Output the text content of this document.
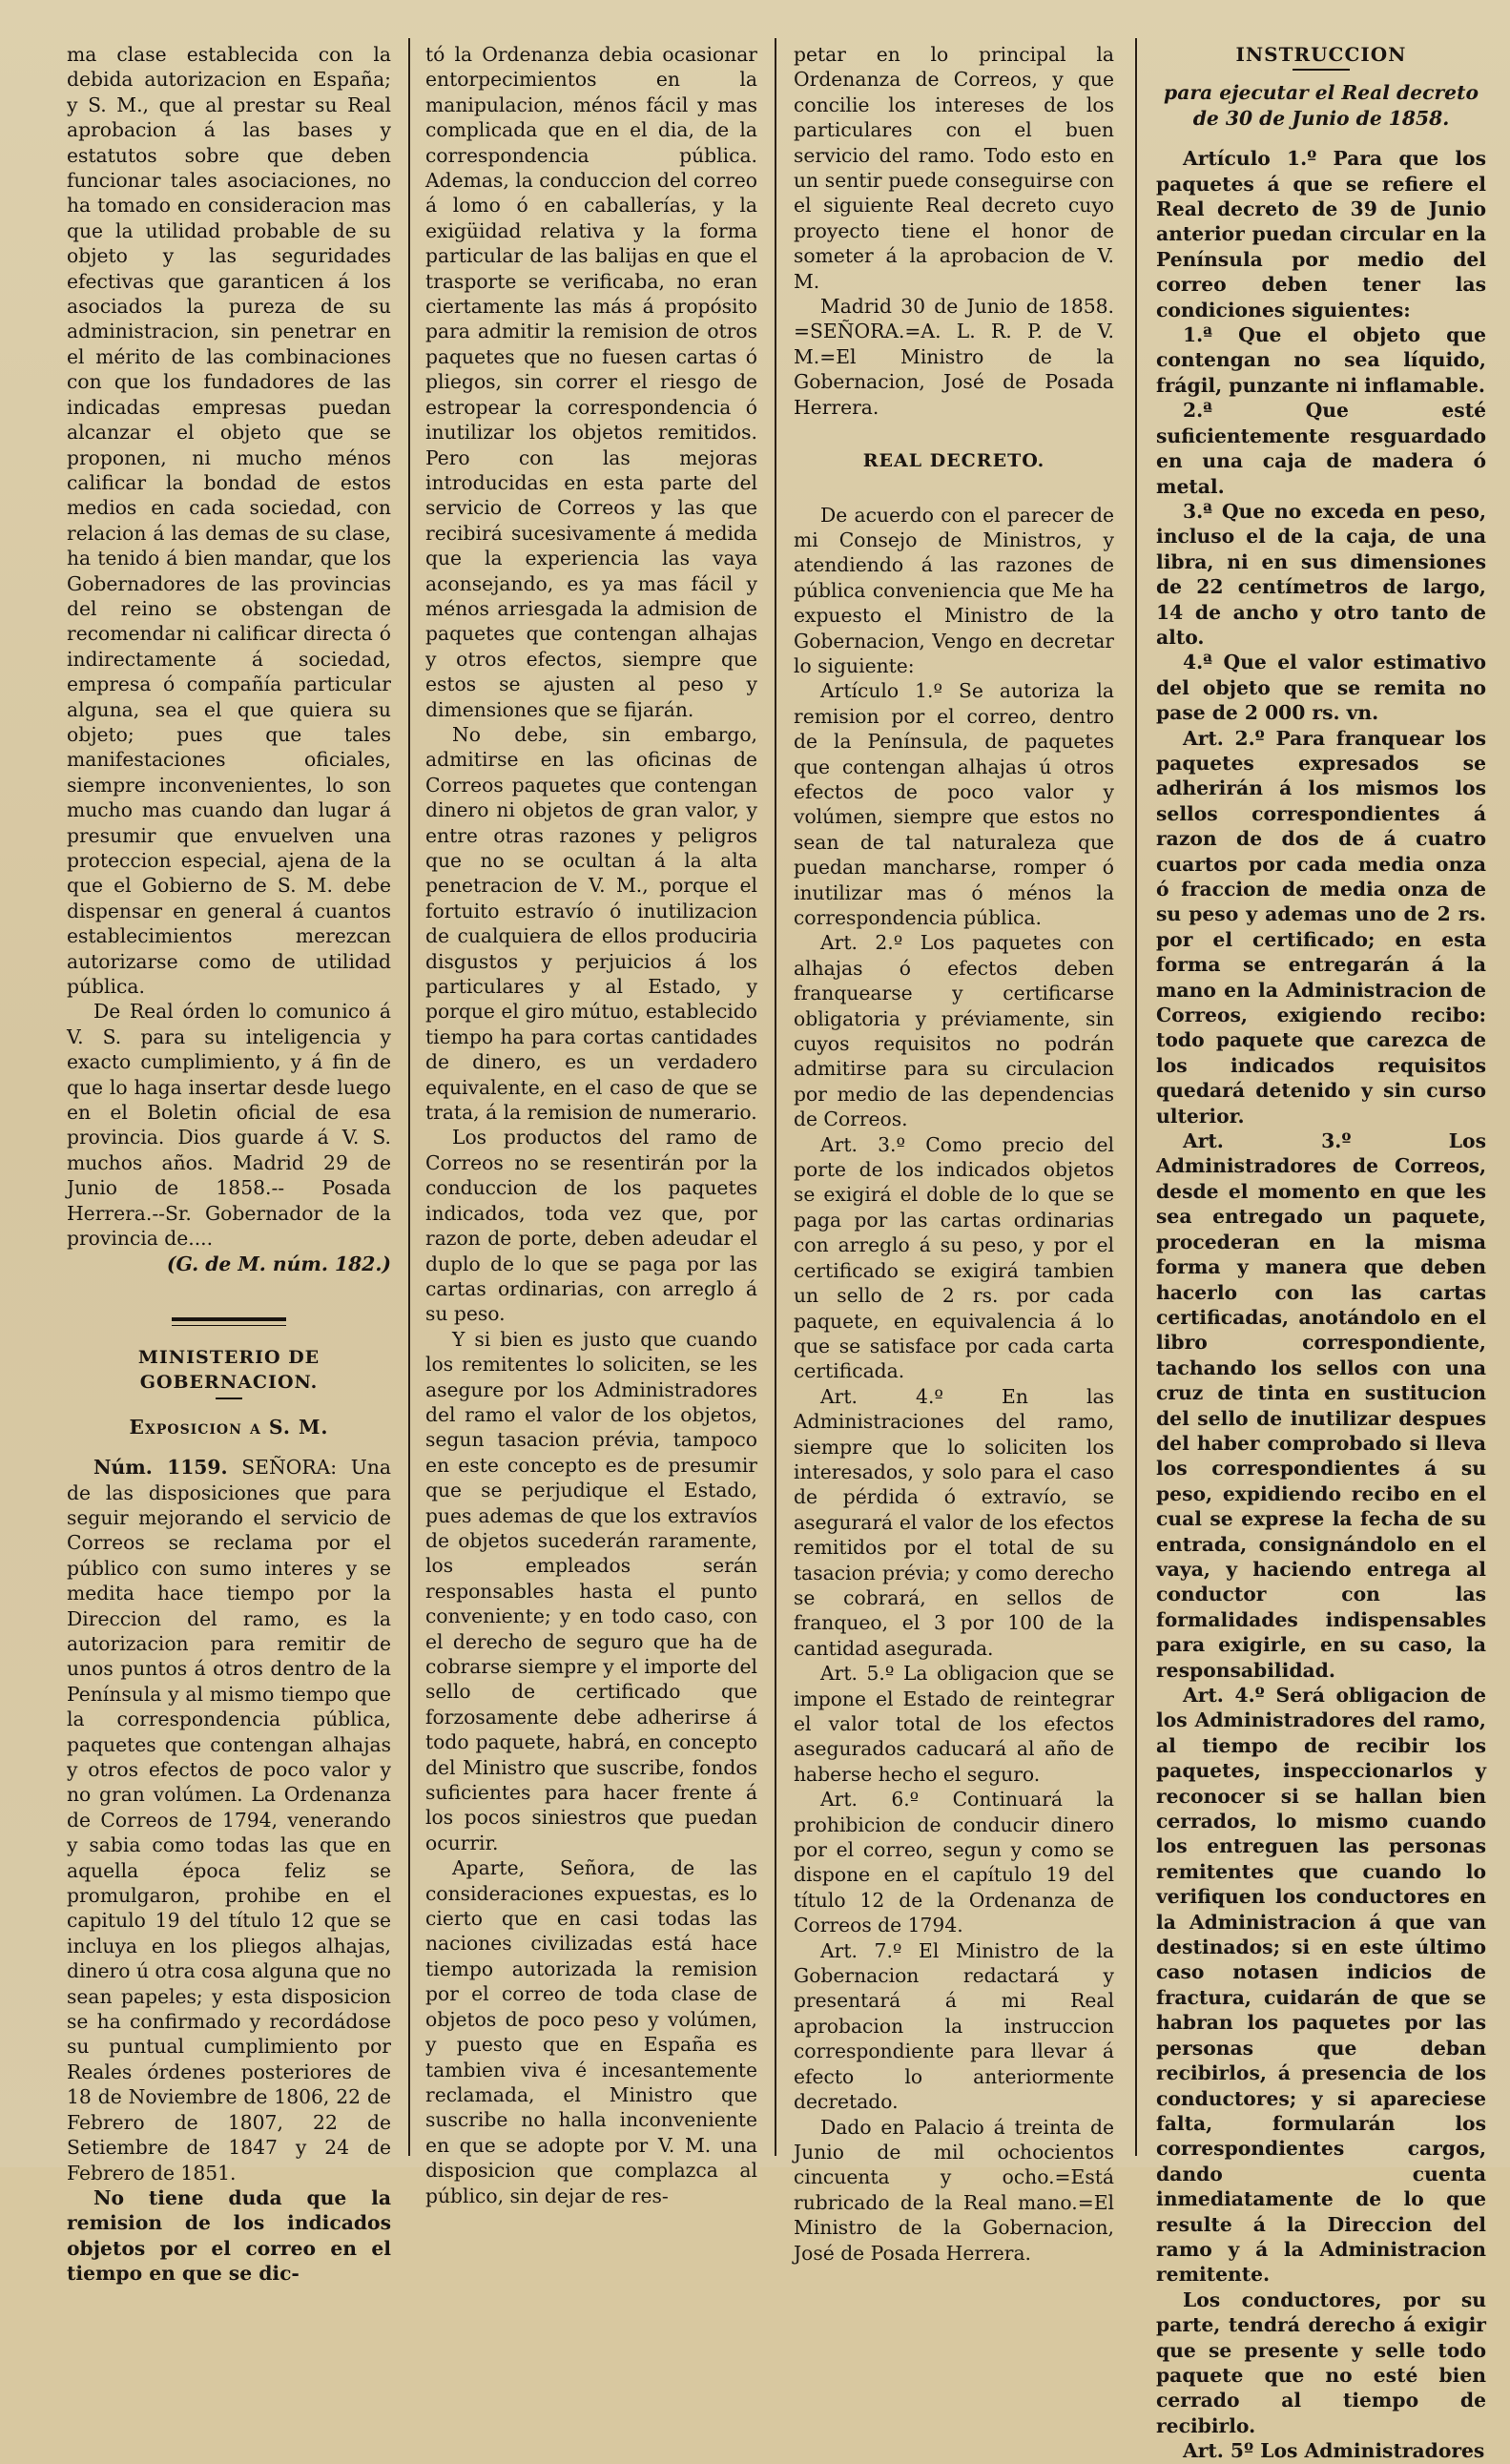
ma clase establecida con la debida autorizacion en España; y S. M., que al prestar su Real aprobacion á las bases y estatutos sobre que deben funcionar tales asociaciones, no ha tomado en consideracion mas que la utilidad probable de su objeto y las seguridades efectivas que garanticen á los asociados la pureza de su administracion, sin penetrar en el mérito de las combinaciones con que los fundadores de las indicadas empresas puedan alcanzar el objeto que se proponen, ni mucho ménos calificar la bondad de estos medios en cada sociedad, con relacion á las demas de su clase, ha tenido á bien mandar, que los Gobernadores de las provincias del reino se obstengan de recomendar ni calificar directa ó indirectamente á sociedad, empresa ó compañía particular alguna, sea el que quiera su objeto; pues que tales manifestaciones oficiales, siempre inconvenientes, lo son mucho mas cuando dan lugar á presumir que envuelven una proteccion especial, ajena de la que el Gobierno de S. M. debe dispensar en general á cuantos establecimientos merezcan autorizarse como de utilidad pública.

De Real órden lo comunico á V. S. para su inteligencia y exacto cumplimiento, y á fin de que lo haga insertar desde luego en el Boletin oficial de esa provincia. Dios guarde á V. S. muchos años. Madrid 29 de Junio de 1858.-- Posada Herrera.--Sr. Gobernador de la provincia de....

(G. de M. núm. 182.)

MINISTERIO DE GOBERNACION.

Exposicion a S. M.

Núm. 1159. SEÑORA: Una de las disposiciones que para seguir mejorando el servicio de Correos se reclama por el público con sumo interes y se medita hace tiempo por la Direccion del ramo, es la autorizacion para remitir de unos puntos á otros dentro de la Península y al mismo tiempo que la correspondencia pública, paquetes que contengan alhajas y otros efectos de poco valor y no gran volúmen. La Ordenanza de Correos de 1794, venerando y sabia como todas las que en aquella época feliz se promulgaron, prohibe en el capitulo 19 del título 12 que se incluya en los pliegos alhajas, dinero ú otra cosa alguna que no sean papeles; y esta disposicion se ha confirmado y recordádose su puntual cumplimiento por Reales órdenes posteriores de 18 de Noviembre de 1806, 22 de Febrero de 1807, 22 de Setiembre de 1847 y 24 de Febrero de 1851.

No tiene duda que la remision de los indicados objetos por el correo en el tiempo en que se dic-

tó la Ordenanza debia ocasionar entorpecimientos en la manipulacion, ménos fácil y mas complicada que en el dia, de la correspondencia pública. Ademas, la conduccion del correo á lomo ó en caballerías, y la exigüidad relativa y la forma particular de las balijas en que el trasporte se verificaba, no eran ciertamente las más á propósito para admitir la remision de otros paquetes que no fuesen cartas ó pliegos, sin correr el riesgo de estropear la correspondencia ó inutilizar los objetos remitidos. Pero con las mejoras introducidas en esta parte del servicio de Correos y las que recibirá sucesivamente á medida que la experiencia las vaya aconsejando, es ya mas fácil y ménos arriesgada la admision de paquetes que contengan alhajas y otros efectos, siempre que estos se ajusten al peso y dimensiones que se fijarán.

No debe, sin embargo, admitirse en las oficinas de Correos paquetes que contengan dinero ni objetos de gran valor, y entre otras razones y peligros que no se ocultan á la alta penetracion de V. M., porque el fortuito estravío ó inutilizacion de cualquiera de ellos produciria disgustos y perjuicios á los particulares y al Estado, y porque el giro mútuo, establecido tiempo ha para cortas cantidades de dinero, es un verdadero equivalente, en el caso de que se trata, á la remision de numerario.

Los productos del ramo de Correos no se resentirán por la conduccion de los paquetes indicados, toda vez que, por razon de porte, deben adeudar el duplo de lo que se paga por las cartas ordinarias, con arreglo á su peso.

Y si bien es justo que cuando los remitentes lo soliciten, se les asegure por los Administradores del ramo el valor de los objetos, segun tasacion prévia, tampoco en este concepto es de presumir que se perjudique el Estado, pues ademas de que los extravíos de objetos sucederán raramente, los empleados serán responsables hasta el punto conveniente; y en todo caso, con el derecho de seguro que ha de cobrarse siempre y el importe del sello de certificado que forzosamente debe adherirse á todo paquete, habrá, en concepto del Ministro que suscribe, fondos suficientes para hacer frente á los pocos siniestros que puedan ocurrir.

Aparte, Señora, de las consideraciones expuestas, es lo cierto que en casi todas las naciones civilizadas está hace tiempo autorizada la remision por el correo de toda clase de objetos de poco peso y volúmen, y puesto que en España es tambien viva é incesantemente reclamada, el Ministro que suscribe no halla inconveniente en que se adopte por V. M. una disposicion que complazca al público, sin dejar de res-

petar en lo principal la Ordenanza de Correos, y que concilie los intereses de los particulares con el buen servicio del ramo. Todo esto en un sentir puede conseguirse con el siguiente Real decreto cuyo proyecto tiene el honor de someter á la aprobacion de V. M.

Madrid 30 de Junio de 1858. =SEÑORA.=A. L. R. P. de V. M.=El Ministro de la Gobernacion, José de Posada Herrera.

REAL DECRETO.

De acuerdo con el parecer de mi Consejo de Ministros, y atendiendo á las razones de pública conveniencia que Me ha expuesto el Ministro de la Gobernacion, Vengo en decretar lo siguiente:

Artículo 1.º Se autoriza la remision por el correo, dentro de la Península, de paquetes que contengan alhajas ú otros efectos de poco valor y volúmen, siempre que estos no sean de tal naturaleza que puedan mancharse, romper ó inutilizar mas ó ménos la correspondencia pública.

Art. 2.º Los paquetes con alhajas ó efectos deben franquearse y certificarse obligatoria y préviamente, sin cuyos requisitos no podrán admitirse para su circulacion por medio de las dependencias de Correos.

Art. 3.º Como precio del porte de los indicados objetos se exigirá el doble de lo que se paga por las cartas ordinarias con arreglo á su peso, y por el certificado se exigirá tambien un sello de 2 rs. por cada paquete, en equivalencia á lo que se satisface por cada carta certificada.

Art. 4.º En las Administraciones del ramo, siempre que lo soliciten los interesados, y solo para el caso de pérdida ó extravío, se asegurará el valor de los efectos remitidos por el total de su tasacion prévia; y como derecho se cobrará, en sellos de franqueo, el 3 por 100 de la cantidad asegurada.

Art. 5.º La obligacion que se impone el Estado de reintegrar el valor total de los efectos asegurados caducará al año de haberse hecho el seguro.

Art. 6.º Continuará la prohibicion de conducir dinero por el correo, segun y como se dispone en el capítulo 19 del título 12 de la Ordenanza de Correos de 1794.

Art. 7.º El Ministro de la Gobernacion redactará y presentará á mi Real aprobacion la instruccion correspondiente para llevar á efecto lo anteriormente decretado.

Dado en Palacio á treinta de Junio de mil ochocientos cincuenta y ocho.=Está rubricado de la Real mano.=El Ministro de la Gobernacion, José de Posada Herrera.

INSTRUCCION

para ejecutar el Real decreto de 30 de Junio de 1858.

Artículo 1.º Para que los paquetes á que se refiere el Real decreto de 39 de Junio anterior puedan circular en la Península por medio del correo deben tener las condiciones siguientes:

1.ª Que el objeto que contengan no sea líquido, frágil, punzante ni inflamable.

2.ª Que esté suficientemente resguardado en una caja de madera ó metal.

3.ª Que no exceda en peso, incluso el de la caja, de una libra, ni en sus dimensiones de 22 centímetros de largo, 14 de ancho y otro tanto de alto.

4.ª Que el valor estimativo del objeto que se remita no pase de 2 000 rs. vn.

Art. 2.º Para franquear los paquetes expresados se adherirán á los mismos los sellos correspondientes á razon de dos de á cuatro cuartos por cada media onza ó fraccion de media onza de su peso y ademas uno de 2 rs. por el certificado; en esta forma se entregarán á la mano en la Administracion de Correos, exigiendo recibo: todo paquete que carezca de los indicados requisitos quedará detenido y sin curso ulterior.

Art. 3.º Los Administradores de Correos, desde el momento en que les sea entregado un paquete, procederan en la misma forma y manera que deben hacerlo con las cartas certificadas, anotándolo en el libro correspondiente, tachando los sellos con una cruz de tinta en sustitucion del sello de inutilizar despues del haber comprobado si lleva los correspondientes á su peso, expidiendo recibo en el cual se exprese la fecha de su entrada, consignándolo en el vaya, y haciendo entrega al conductor con las formalidades indispensables para exigirle, en su caso, la responsabilidad.

Art. 4.º Será obligacion de los Administradores del ramo, al tiempo de recibir los paquetes, inspeccionarlos y reconocer si se hallan bien cerrados, lo mismo cuando los entreguen las personas remitentes que cuando lo verifiquen los conductores en la Administracion á que van destinados; si en este último caso notasen indicios de fractura, cuidarán de que se habran los paquetes por las personas que deban recibirlos, á presencia de los conductores; y si apareciese falta, formularán los correspondientes cargos, dando cuenta inmediatamente de lo que resulte á la Direccion del ramo y á la Administracion remitente.

Los conductores, por su parte, tendrá derecho á exigir que se presente y selle todo paquete que no esté bien cerrado al tiempo de recibirlo.

Art. 5º Los Administradores
